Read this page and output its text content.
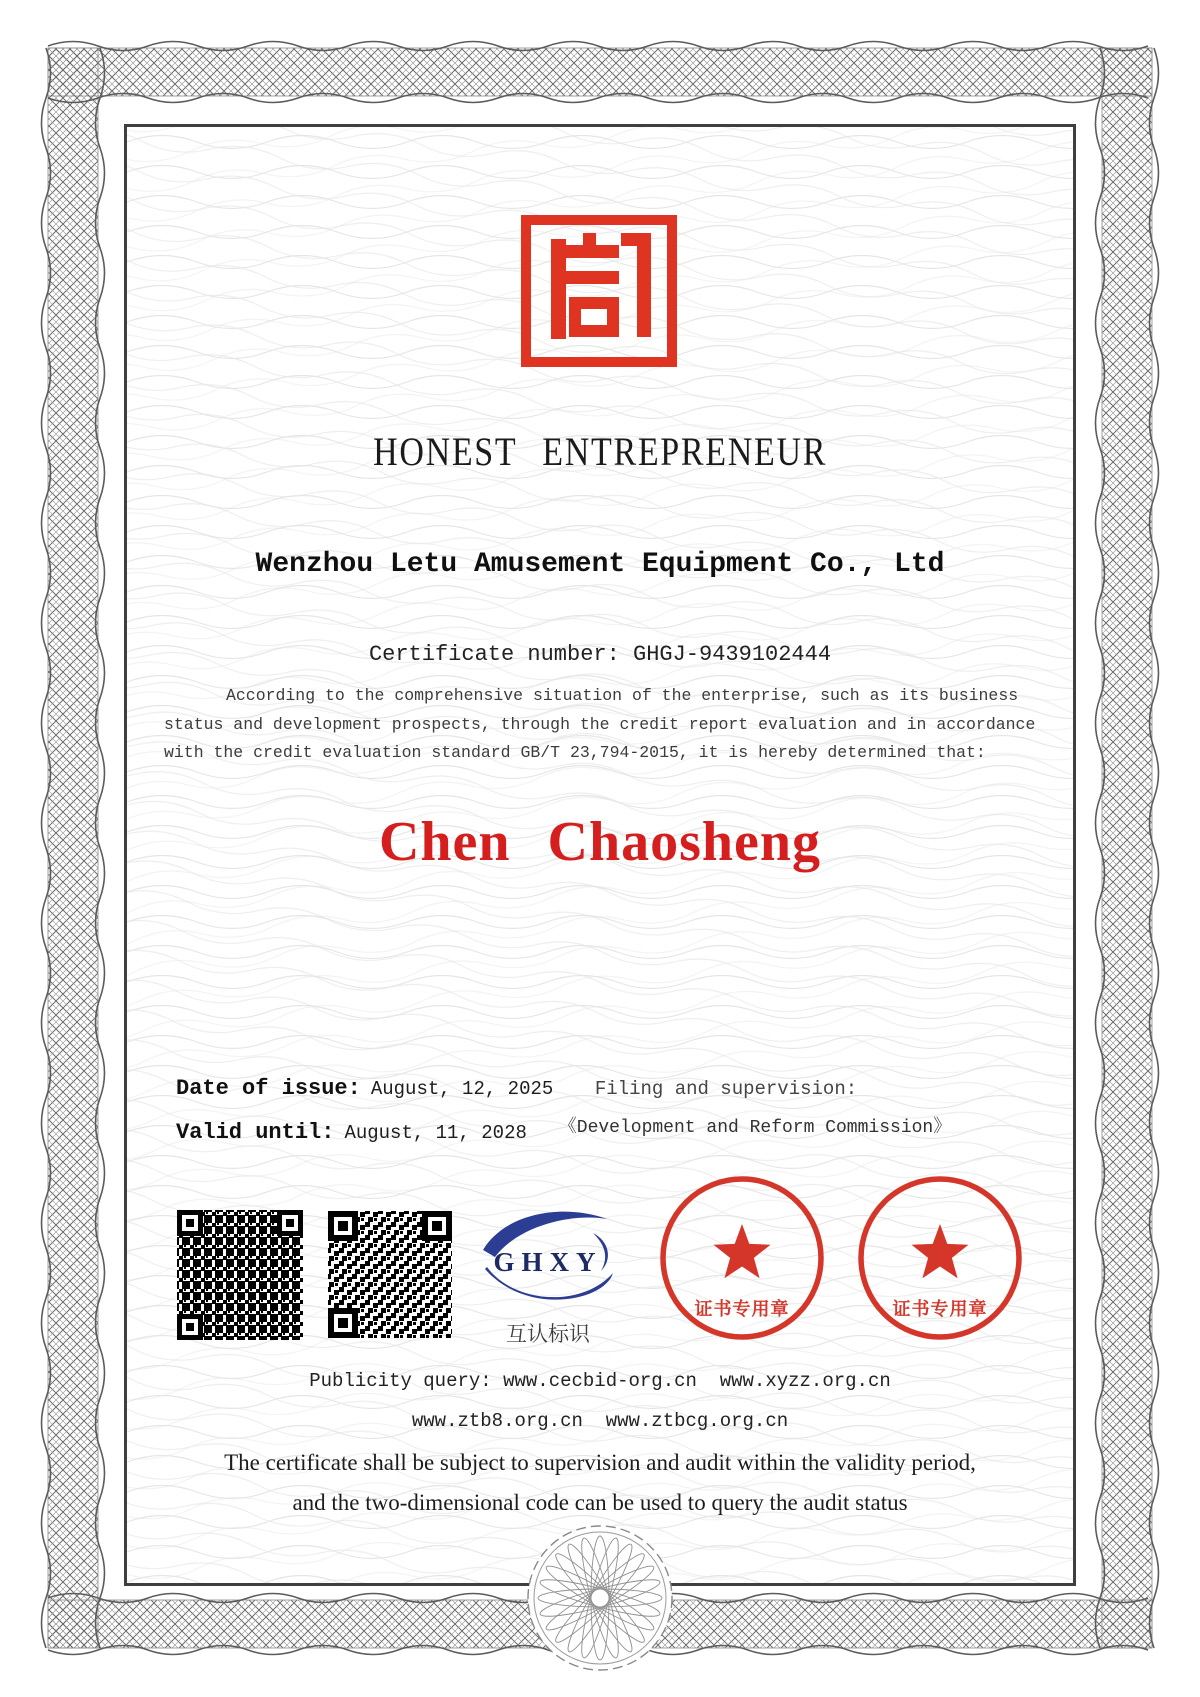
HONEST ENTREPRENEUR
Wenzhou Letu Amusement Equipment Co., Ltd
Certificate number: GHGJ-9439102444
According to the comprehensive situation of the enterprise, such as its business status and development prospects, through the credit report evaluation and in accordance with the credit evaluation standard GB/T 23,794-2015, it is hereby determined that:
Chen Chaosheng
Date of issue: August, 12, 2025
Valid until: August, 11, 2028
Filing and supervision:
《Development and Reform Commission》
GHXY
互认标识
证书专用章	证书专用章
Publicity query: www.cecbid-org.cn  www.xyzz.org.cn
www.ztb8.org.cn  www.ztbcg.org.cn
The certificate shall be subject to supervision and audit within the validity period,
and the two-dimensional code can be used to query the audit status
